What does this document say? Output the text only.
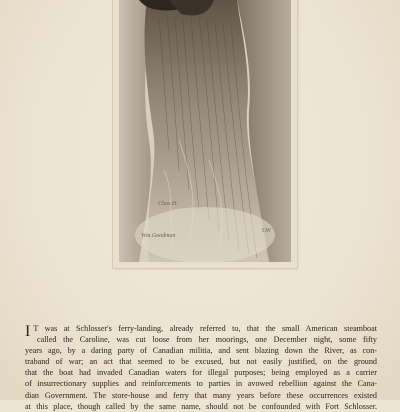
Chas.H.
Wm.Goodman
LW
I T was at Schlosser's ferry-landing, already referred to, that the small American steamboat
called the Caroline, was cut loose from her moorings, one December night, some fifty
years ago, by a daring party of Canadian militia, and sent blazing down the River, as con-
traband of war; an act that seemed to be excused, but not easily justified, on the ground
that the boat had invaded Canadian waters for illegal purposes; being employed as a carrier
of insurrectionary supplies and reinforcements to parties in avowed rebellion against the Cana-
dian Government. The store-house and ferry that many years before these occurrences existed
at this place, though called by the same name, should not be confounded with Fort Schlosser.
